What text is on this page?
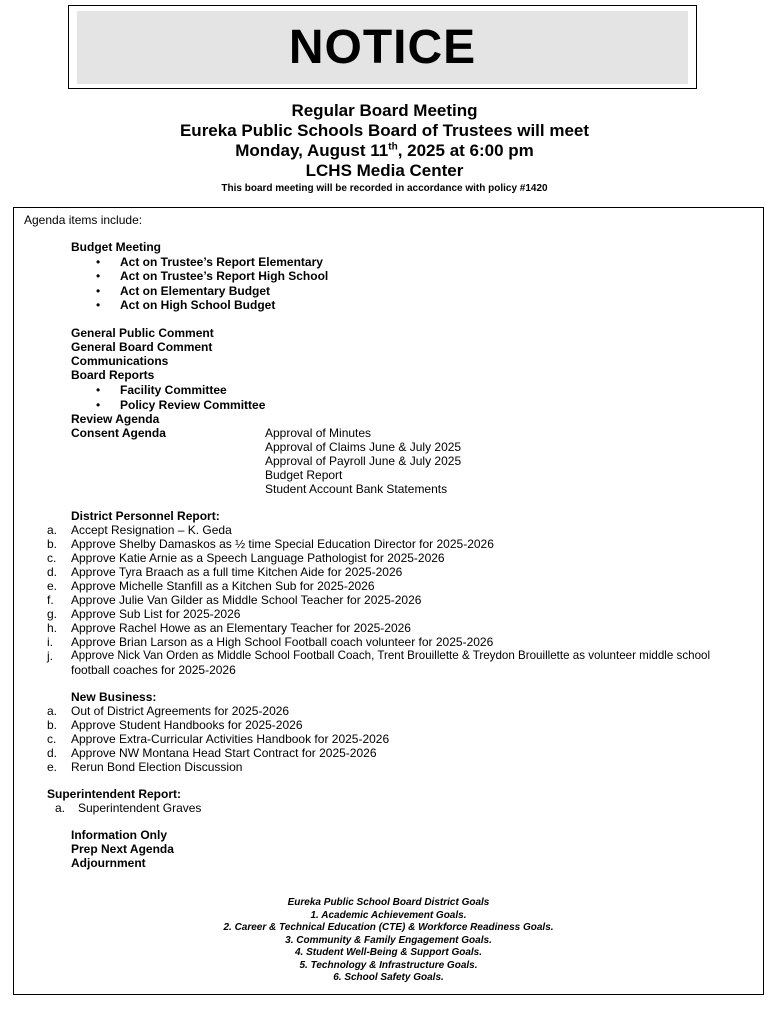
NOTICE
Regular Board Meeting
Eureka Public Schools Board of Trustees will meet
Monday, August 11th, 2025 at 6:00 pm
LCHS Media Center
This board meeting will be recorded in accordance with policy #1420
Agenda items include:
Budget Meeting
• Act on Trustee’s Report Elementary
• Act on Trustee’s Report High School
• Act on Elementary Budget
• Act on High School Budget
General Public Comment
General Board Comment
Communications
Board Reports
• Facility Committee
• Policy Review Committee
Review Agenda
Consent Agenda	Approval of Minutes
Approval of Claims June & July 2025
Approval of Payroll June & July 2025
Budget Report
Student Account Bank Statements
District Personnel Report:
a. Accept Resignation – K. Geda
b. Approve Shelby Damaskos as ½ time Special Education Director for 2025-2026
c. Approve Katie Arnie as a Speech Language Pathologist for 2025-2026
d. Approve Tyra Braach as a full time Kitchen Aide for 2025-2026
e. Approve Michelle Stanfill as a Kitchen Sub for 2025-2026
f. Approve Julie Van Gilder as Middle School Teacher for 2025-2026
g. Approve Sub List for 2025-2026
h. Approve Rachel Howe as an Elementary Teacher for 2025-2026
i. Approve Brian Larson as a High School Football coach volunteer for 2025-2026
j. Approve Nick Van Orden as Middle School Football Coach, Trent Brouillette & Treydon Brouillette as volunteer middle school
football coaches for 2025-2026
New Business:
a. Out of District Agreements for 2025-2026
b. Approve Student Handbooks for 2025-2026
c. Approve Extra-Curricular Activities Handbook for 2025-2026
d. Approve NW Montana Head Start Contract for 2025-2026
e. Rerun Bond Election Discussion
Superintendent Report:
a. Superintendent Graves
Information Only
Prep Next Agenda
Adjournment
Eureka Public School Board District Goals
1. Academic Achievement Goals.
2. Career & Technical Education (CTE) & Workforce Readiness Goals.
3. Community & Family Engagement Goals.
4. Student Well-Being & Support Goals.
5. Technology & Infrastructure Goals.
6. School Safety Goals.
